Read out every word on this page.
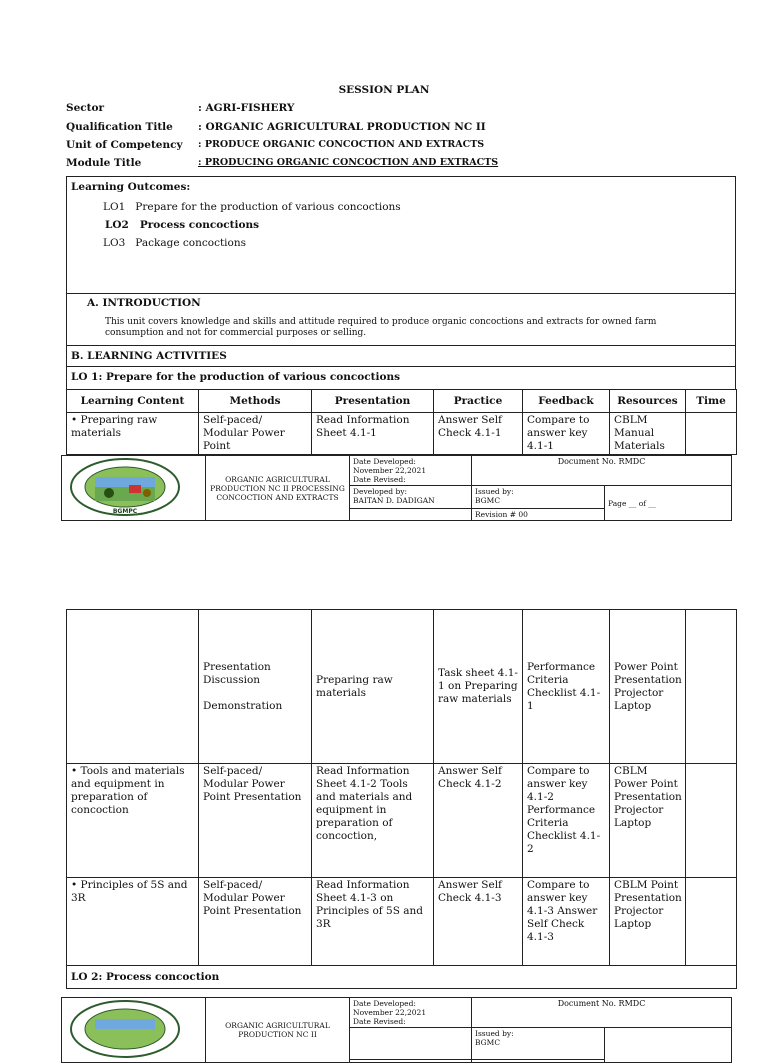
SESSION PLAN
Sector	: AGRI-FISHERY
Qualification Title : ORGANIC AGRICULTURAL PRODUCTION NC II
Unit of Competency : PRODUCE ORGANIC CONCOCTION AND EXTRACTS
Module Title	: PRODUCING ORGANIC CONCOCTION AND EXTRACTS
Learning Outcomes:
LO1 Prepare for the production of various concoctions
LO2 Process concoctions
LO3 Package concoctions
A. INTRODUCTION
This unit covers knowledge and skills and attitude required to produce organic concoctions and extracts for owned farm consumption and not for commercial purposes or selling.
B. LEARNING ACTIVITIES
LO 1: Prepare for the production of various concoctions
Learning Content	Methods	Presentation	Practice	Feedback	Resources	Time
• Preparing raw materials	Self-paced/ Modular Power Point	Read Information Sheet 4.1-1	Answer Self Check 4.1-1	Compare to answer key 4.1-1	CBLM Manual Materials	
BGMPC	ORGANIC AGRICULTURAL PRODUCTION NC II PROCESSING CONCOCTION AND EXTRACTS	Date Developed:
November 22,2021
Date Revised:	Document No. RMDC	
		Developed by:
BAITAN D. DADIGAN	Issued by:
BGMC	Page __ of __

			Revision # 00	
	Presentation Discussion

Demonstration	Preparing raw materials	Task sheet 4.1-1 on Preparing raw materials	Performance Criteria Checklist 4.1-1	Power Point Presentation Projector Laptop	
• Tools and materials and equipment in preparation of concoction	Self-paced/ Modular Power Point Presentation	Read Information Sheet 4.1-2 Tools and materials and equipment in preparation of concoction,	Answer Self Check 4.1-2	Compare to answer key 4.1-2 Performance Criteria Checklist 4.1-2	CBLM Power Point Presentation Projector Laptop	
• Principles of 5S and 3R	Self-paced/ Modular Power Point Presentation	Read Information Sheet 4.1-3 on Principles of 5S and 3R	Answer Self Check 4.1-3	Compare to answer key 4.1-3 Answer Self Check 4.1-3	CBLM Point Presentation Projector Laptop	
LO 2: Process concoction						
	ORGANIC AGRICULTURAL PRODUCTION NC II	Date Developed:
November 22,2021
Date Revised:	Document No. RMDC	
			Issued by:
BGMC	
